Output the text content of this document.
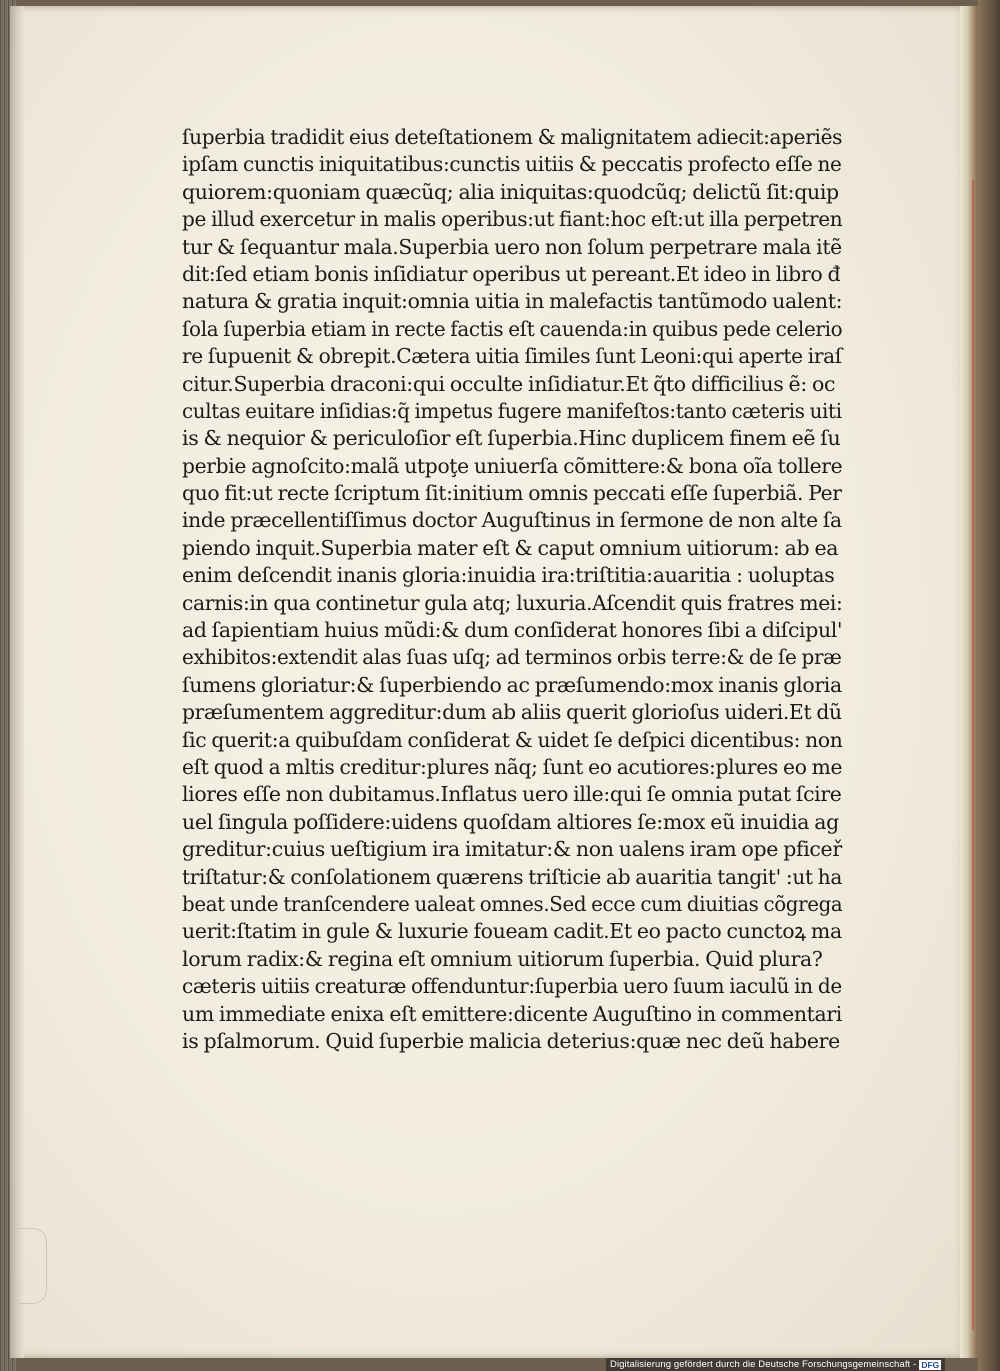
ſuperbia tradidit eius deteſtationem & malignitatem adiecit:aperiẽs
ipſam cunctis iniquitatibus:cunctis uitiis & peccatis profecto eſſe ne
quiorem:quoniam quæcũq; alia iniquitas:quodcũq; delictũ ſit:quip
pe illud exercetur in malis operibus:ut fiant:hoc eſt:ut illa perpetren
tur & ſequantur mala.Superbia uero non ſolum perpetrare mala itẽ
dit:ſed etiam bonis inſidiatur operibus ut pereant.Et ideo in libro đ
natura & gratia inquit:omnia uitia in malefactis tantũmodo ualent:
ſola ſuperbia etiam in recte factis eſt cauenda:in quibus pede celerio
re ſupuenit & obrepit.Cætera uitia ſimiles ſunt Leoni:qui aperte iraſ
citur.Superbia draconi:qui occulte inſidiatur.Et q̃to difficilius ẽ: oc
cultas euitare inſidias:q̃ impetus fugere manifeſtos:tanto cæteris uiti
is & nequior & periculoſior eſt ſuperbia.Hinc duplicem finem eẽ ſu
perbie agnoſcito:malã utpoţe uniuerſa cõmittere:& bona oĩa tollere
quo fit:ut recte ſcriptum ſit:initium omnis peccati eſſe ſuperbiã. Per
inde præcellentiſſimus doctor Auguſtinus in ſermone de non alte ſa
piendo inquit.Superbia mater eſt & caput omnium uitiorum: ab ea
enim deſcendit inanis gloria:inuidia ira:triſtitia:auaritia : uoluptas
carnis:in qua continetur gula atq; luxuria.Aſcendit quis fratres mei:
ad ſapientiam huius mũdi:& dum conſiderat honores ſibi a diſcipul'
exhibitos:extendit alas ſuas uſq; ad terminos orbis terre:& de ſe præ
ſumens gloriatur:& ſuperbiendo ac præſumendo:mox inanis gloria
præſumentem aggreditur:dum ab aliis querit glorioſus uideri.Et dũ
ſic querit:a quibuſdam conſiderat & uidet ſe deſpici dicentibus: non
eſt quod a mltis creditur:plures nãq; ſunt eo acutiores:plures eo me
liores eſſe non dubitamus.Inflatus uero ille:qui ſe omnia putat ſcire
uel ſingula poſſidere:uidens quoſdam altiores ſe:mox eũ inuidia ag
greditur:cuius ueſtigium ira imitatur:& non ualens iram ope pficeř
triſtatur:& conſolationem quærens triſticie ab auaritia tangit' :ut ha
beat unde tranſcendere ualeat omnes.Sed ecce cum diuitias cõgrega
uerit:ſtatim in gule & luxurie foueam cadit.Et eo pacto cunctoꝝ ma
lorum radix:& regina eſt omnium uitiorum ſuperbia. Quid plura?
cæteris uitiis creaturæ offenduntur:ſuperbia uero ſuum iaculũ in de
um immediate enixa eſt emittere:dicente Auguſtino in commentari
is pſalmorum. Quid ſuperbie malicia deterius:quæ nec deũ habere
Digitalisierung gefördert durch die Deutsche Forschungsgemeinschaft - DFG
